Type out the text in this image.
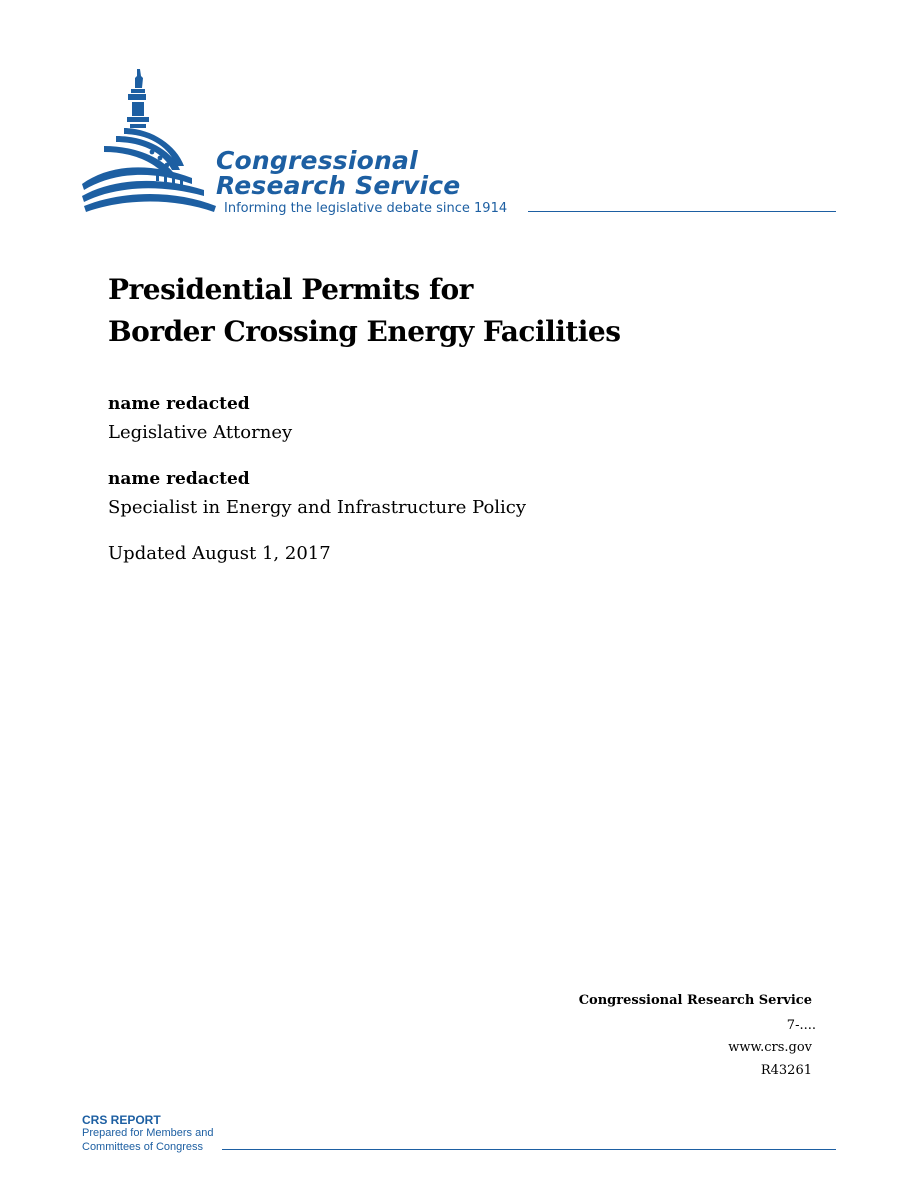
Congressional
Research Service
Informing the legislative debate since 1914
Presidential Permits for
Border Crossing Energy Facilities
name redacted
Legislative Attorney
name redacted
Specialist in Energy and Infrastructure Policy
Updated August 1, 2017
Congressional Research Service
7-....
www.crs.gov
R43261
CRS REPORT
Prepared for Members and
Committees of Congress
